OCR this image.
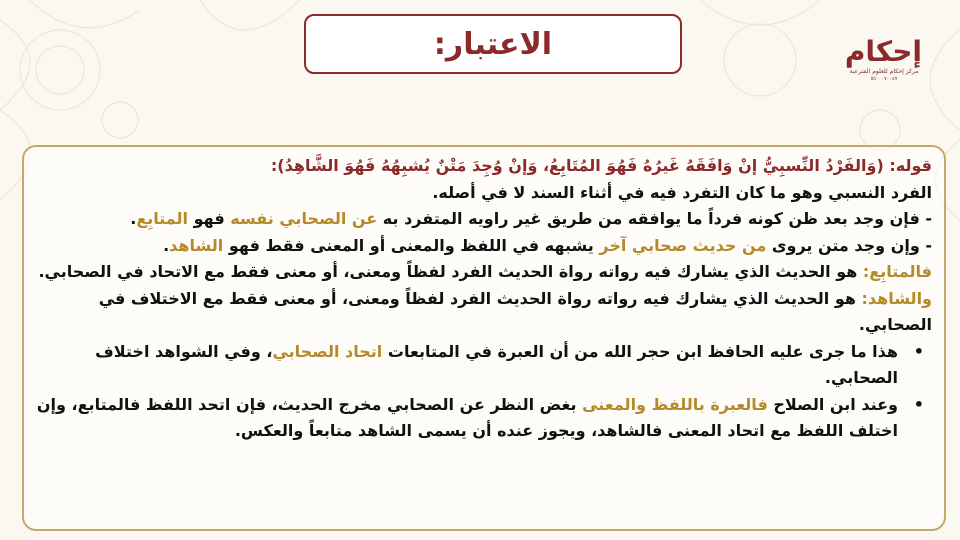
الاعتبار:	إحكام
مركز إحكام للعلوم الشرعية
٥٥٠٠٠٧٠٠٤٧

قوله: (وَالفَرْدُ النِّسبِيُّ إنْ وَافَقَهُ غَيرُهُ فَهُوَ المُتَابِعُ، وَإنْ وُجِدَ مَتْنٌ يُشبِهُهُ فَهُوَ الشَّاهِدُ):

الفرد النسبي وهو ما كان التفرد فيه في أثناء السند لا في أصله.

- فإن وجد بعد ظن كونه فرداً ما يوافقه من طريق غير راويه المتفرد به عن الصحابي نفسه فهو المتابِع.

- وإن وجد متن يروى من حديث صحابي آخر يشبهه في اللفظ والمعنى أو المعنى فقط فهو الشاهد.

فالمتابِع: هو الحديث الذي يشارك فيه رواته رواة الحديث الفرد لفظاً ومعنى، أو معنى فقط مع الاتحاد في الصحابي.

والشاهد: هو الحديث الذي يشارك فيه رواته رواة الحديث الفرد لفظاً ومعنى، أو معنى فقط مع الاختلاف في الصحابي.

•
هذا ما جرى عليه الحافظ ابن حجر الله من أن العبرة في المتابعات اتحاد الصحابي، وفي الشواهد اختلاف الصحابي.
•
وعند ابن الصلاح فالعبرة باللفظ والمعنى بغض النظر عن الصحابي مخرج الحديث، فإن اتحد اللفظ فالمتابع، وإن اختلف اللفظ مع اتحاد المعنى فالشاهد، ويجوز عنده أن يسمى الشاهد متابعاً والعكس.
